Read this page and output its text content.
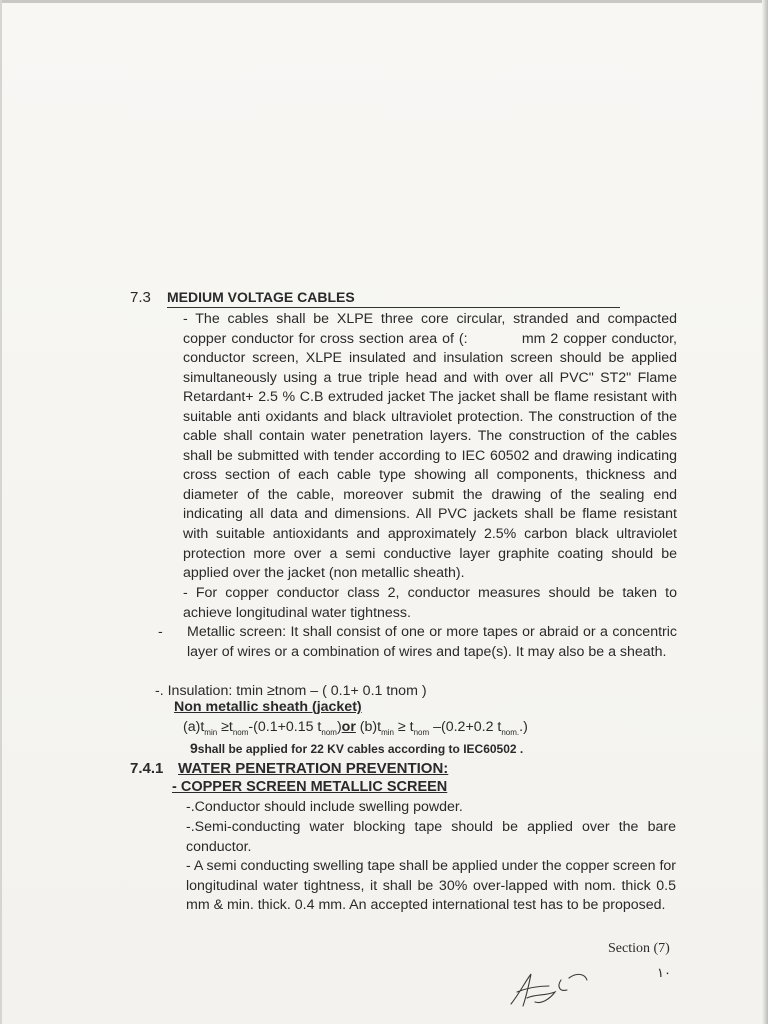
7.3 MEDIUM VOLTAGE CABLES
- The cables shall be XLPE three core circular, stranded and compacted copper conductor for cross section area of (:           mm 2 copper conductor, conductor screen, XLPE insulated and insulation screen should be applied simultaneously using a true triple head and with over all PVC" ST2" Flame Retardant+ 2.5 % C.B extruded jacket The jacket shall be flame resistant with suitable anti oxidants and black ultraviolet protection. The construction of the cable shall contain water penetration layers. The construction of the cables shall be submitted with tender according to IEC 60502 and drawing indicating cross section of each cable type showing all components, thickness and diameter of the cable, moreover submit the drawing of the sealing end indicating all data and dimensions. All PVC jackets shall be flame resistant with suitable antioxidants and approximately 2.5% carbon black ultraviolet protection more over a semi conductive layer graphite coating should be applied over the jacket (non metallic sheath).
- For copper conductor class 2, conductor measures should be taken to achieve longitudinal water tightness.
- Metallic screen: It shall consist of one or more tapes or abraid or a concentric layer of wires or a combination of wires and tape(s). It may also be a sheath.
-. Insulation: tmin ≥tnom – ( 0.1+ 0.1 tnom )
Non metallic sheath (jacket)
$(a)t_{min} \ge t_{nom}-(0.1+0.15$ $t_{nom})or$ $(b)t_{min} \ge t_{nom}$ –(0.2+0.2 $t_{nom.}$.)
9shall be applied for 22 KV cables according to IEC60502 .
7.4.1 WATER PENETRATION PREVENTION:
- COPPER SCREEN METALLIC SCREEN
-.Conductor should include swelling powder.
-.Semi-conducting water blocking tape should be applied over the bare conductor.
- A semi conducting swelling tape shall be applied under the copper screen for longitudinal water tightness, it shall be 30% over-lapped with nom. thick 0.5 mm & min. thick. 0.4 mm. An accepted international test has to be proposed.
Section (7)
١٠
